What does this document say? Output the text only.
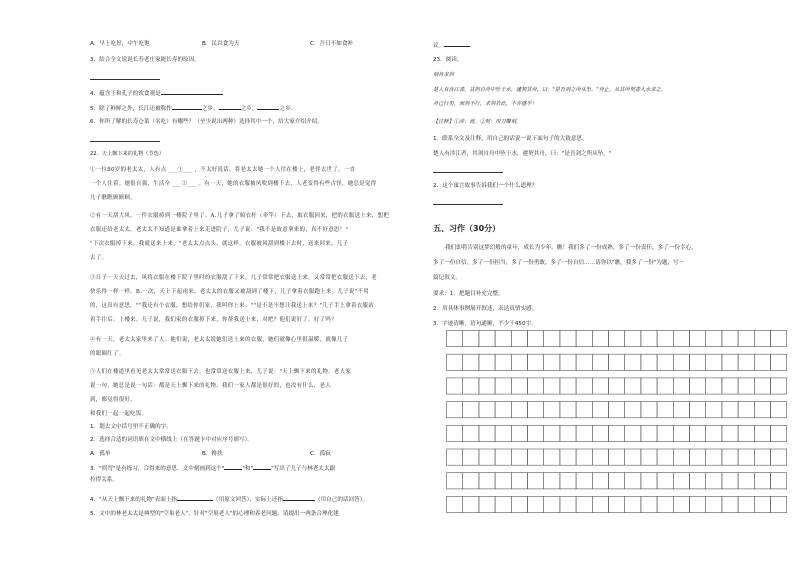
A．早上吃好，中午吃饱	B．民以食为天	C．吾日不如食补
3．结合全文说说长寿老庄家能长寿的原因。
4．蕴含王和孔子的饮食观是
5．除了鲜鲜之外，长江还被称作	之乡，	之乡，	之乡。
6．你所了解的长寿仓菜（名吃）有哪些？（至少说出两种）选择其中一个，给大家介绍介绍。
22．天上飘下来的礼物（节选）
①一位80岁的老太太，人有点 ___①___ ，不太好说话。将老太太她一个人住在楼上，老伴去世了，一直
一个人住着。她很自强，生活全 ___②___ 。有一天，她的衣服被风吹到楼下去，人老变得有些古怪，她总是觉得
儿子瞧瞧顾顾顾。
②有一天刮大风，一件衣服掉到一楼院子里了。A.儿子拿了晾衣杆（牵竿）下去，取衣服回来，把的衣服送上来，想把
衣服还给老太太。老太太不知道是谁拿着上来走进院子，儿子说："我不是故意拿来的，真不好意思！"
"下次衣服掉下来，我就送来上来。"老太太点点头。就这样，衣服被风刮到楼下去时，送来回来，儿子
去了。
③日子一天天过去，风将衣服在楼下院子里时的衣服刮了下来，儿子常常把衣服送上来，又常常把衣服送下去，老
快乐得一样一样。B.一次，天上下起雨来，老太太的衣服又被刮到了楼下，儿子拿着衣服跑上来。儿子说"不用
的，这真有意思。""我还有个衣服，想给你们家，我叫你上来。""是不是不想让我送上来？"儿子手上拿着衣服站
着手往后。上楼来。儿子说，我们家的衣服掉下来，你帮我送上来，对吧？他们说好了。好了吗？
④有一天，老太太家里来了人。他们说，老太太说她们送上来的衣服，她们就像心里很温暖，就像儿子
的眼圈红了。
⑤人们在楼道里看见老太太常常送衣服下去，也常常送衣服上来，儿子说："天上飘下来的礼物，老人家
说一句，她总是说一句话：都是天上飘下来的礼物。我们一家人都是很好的，也没有什么，老人
到，都觉得很好。
和我们一起一起吃饭。
1．划去文中括号里不正确的字。
2．选择合适的词语填在文中横线上（在答题卡中对应序号填写）。
A．孤单	B．搀扶	C．孤寂
3．"拐弯"是有练习，合得来的意思。文中刻画到这个"	"和"	"写出了儿子与林老太太跟
拉得关系。
4．"从天上飘下来的礼物"表面上指	（用原文回答），实际上还指	（用自己的话回答）。
5．文中的林老太太是典型的"空巢老人"，针对"空巢老人"的心理和养老问题，请提出一两条合理化建
议。
23．阅读。
刻舟求剑
楚人有涉江者，其剑自舟中坠于水，遽契其舟，曰："是吾剑之所从坠。"舟止，从其所契者入水求之。
舟已行矣，而剑不行，求剑若此，不亦惑乎！
【注释】①涉：渡。②契：用刀雕刻。
1．联系全文及注释，用自己的话说一说下面句子的大致意思。
楚人有涉江者，其剑自舟中坠于水，遽契其舟，曰："是吾剑之所从坠。"
2．这个寓言故事告诉我们一个什么道理？
五、习作（30分）
我们即将告别这梦幻般的童年，成长为少年。瞧！我们多了一份成熟，多了一份责任，多了一份幸心，
多了一份自信，多了一份担当，多了一份勇敢，多了一份自信……请你以"瞧，我多了一份"为题，写一
篇记叙文。
要求：1．把题目补充完整。
2．用具体事例展开叙述，表达真情实感。
3．字迹清晰，语句通顺，不少于450字。
